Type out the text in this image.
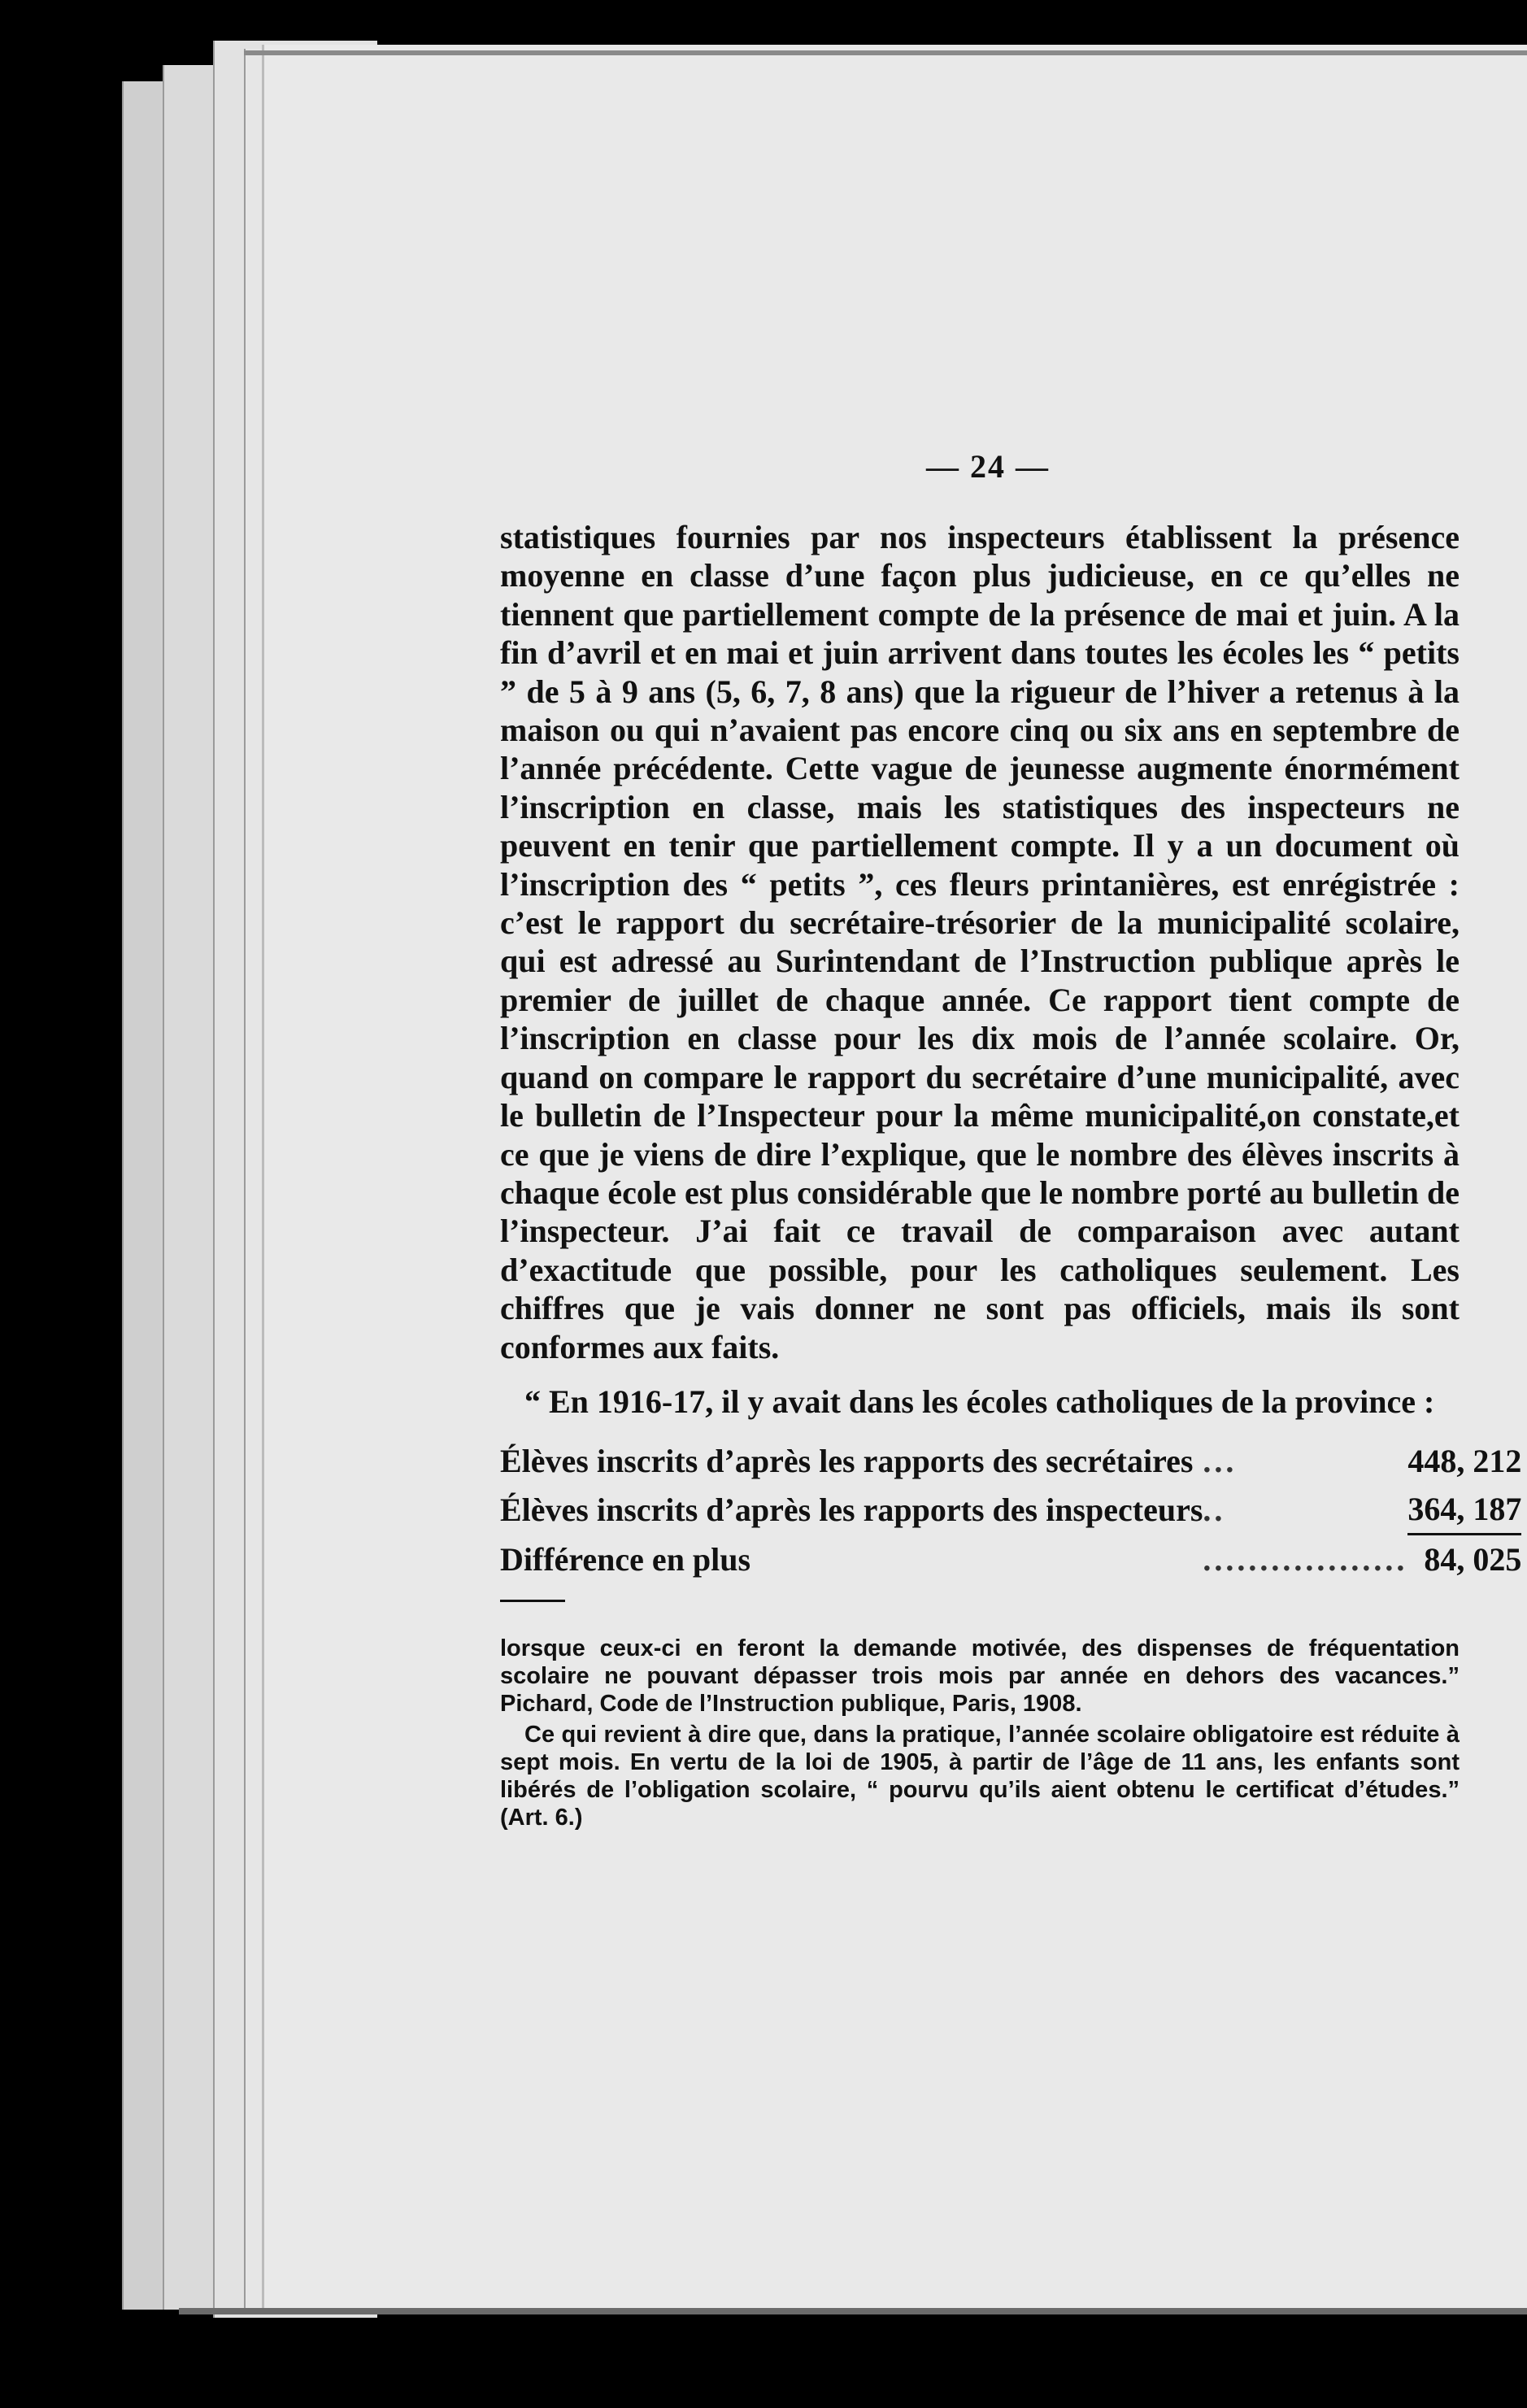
— 24 —
statistiques fournies par nos inspecteurs établissent la présence moyenne en classe d’une façon plus judicieuse, en ce qu’elles ne tiennent que partiellement compte de la présence de mai et juin. A la fin d’avril et en mai et juin arrivent dans toutes les écoles les “ petits ” de 5 à 9 ans (5, 6, 7, 8 ans) que la rigueur de l’hiver a retenus à la maison ou qui n’avaient pas encore cinq ou six ans en septembre de l’année précédente. Cette vague de jeunesse augmente énormément l’inscription en classe, mais les statistiques des inspecteurs ne peuvent en tenir que partiellement compte. Il y a un document où l’inscription des “ petits ”, ces fleurs printanières, est enrégistrée : c’est le rapport du secrétaire-trésorier de la municipalité scolaire, qui est adressé au Surintendant de l’Instruction publique après le premier de juillet de chaque année. Ce rapport tient compte de l’inscription en classe pour les dix mois de l’année scolaire. Or, quand on compare le rapport du secrétaire d’une municipalité, avec le bulletin de l’Inspecteur pour la même municipalité,on constate,et ce que je viens de dire l’explique, que le nombre des élèves inscrits à chaque école est plus considérable que le nombre porté au bulletin de l’inspecteur. J’ai fait ce travail de comparaison avec autant d’exactitude que possible, pour les catholiques seulement. Les chiffres que je vais donner ne sont pas officiels, mais ils sont conformes aux faits.
“ En 1916-17, il y avait dans les écoles catholiques de la province :
Élèves inscrits d’après les rapports des secrétaires	...	448, 212
Élèves inscrits d’après les rapports des inspecteurs	..	364, 187
Différence en plus	..................	84, 025

lorsque ceux-ci en feront la demande motivée, des dispenses de fréquentation scolaire ne pouvant dépasser trois mois par année en dehors des vacances.” Pichard, Code de l’Instruction publique, Paris, 1908.

Ce qui revient à dire que, dans la pratique, l’année scolaire obligatoire est réduite à sept mois. En vertu de la loi de 1905, à partir de l’âge de 11 ans, les enfants sont libérés de l’obligation scolaire, “ pourvu qu’ils aient obtenu le certificat d’études.” (Art. 6.)
